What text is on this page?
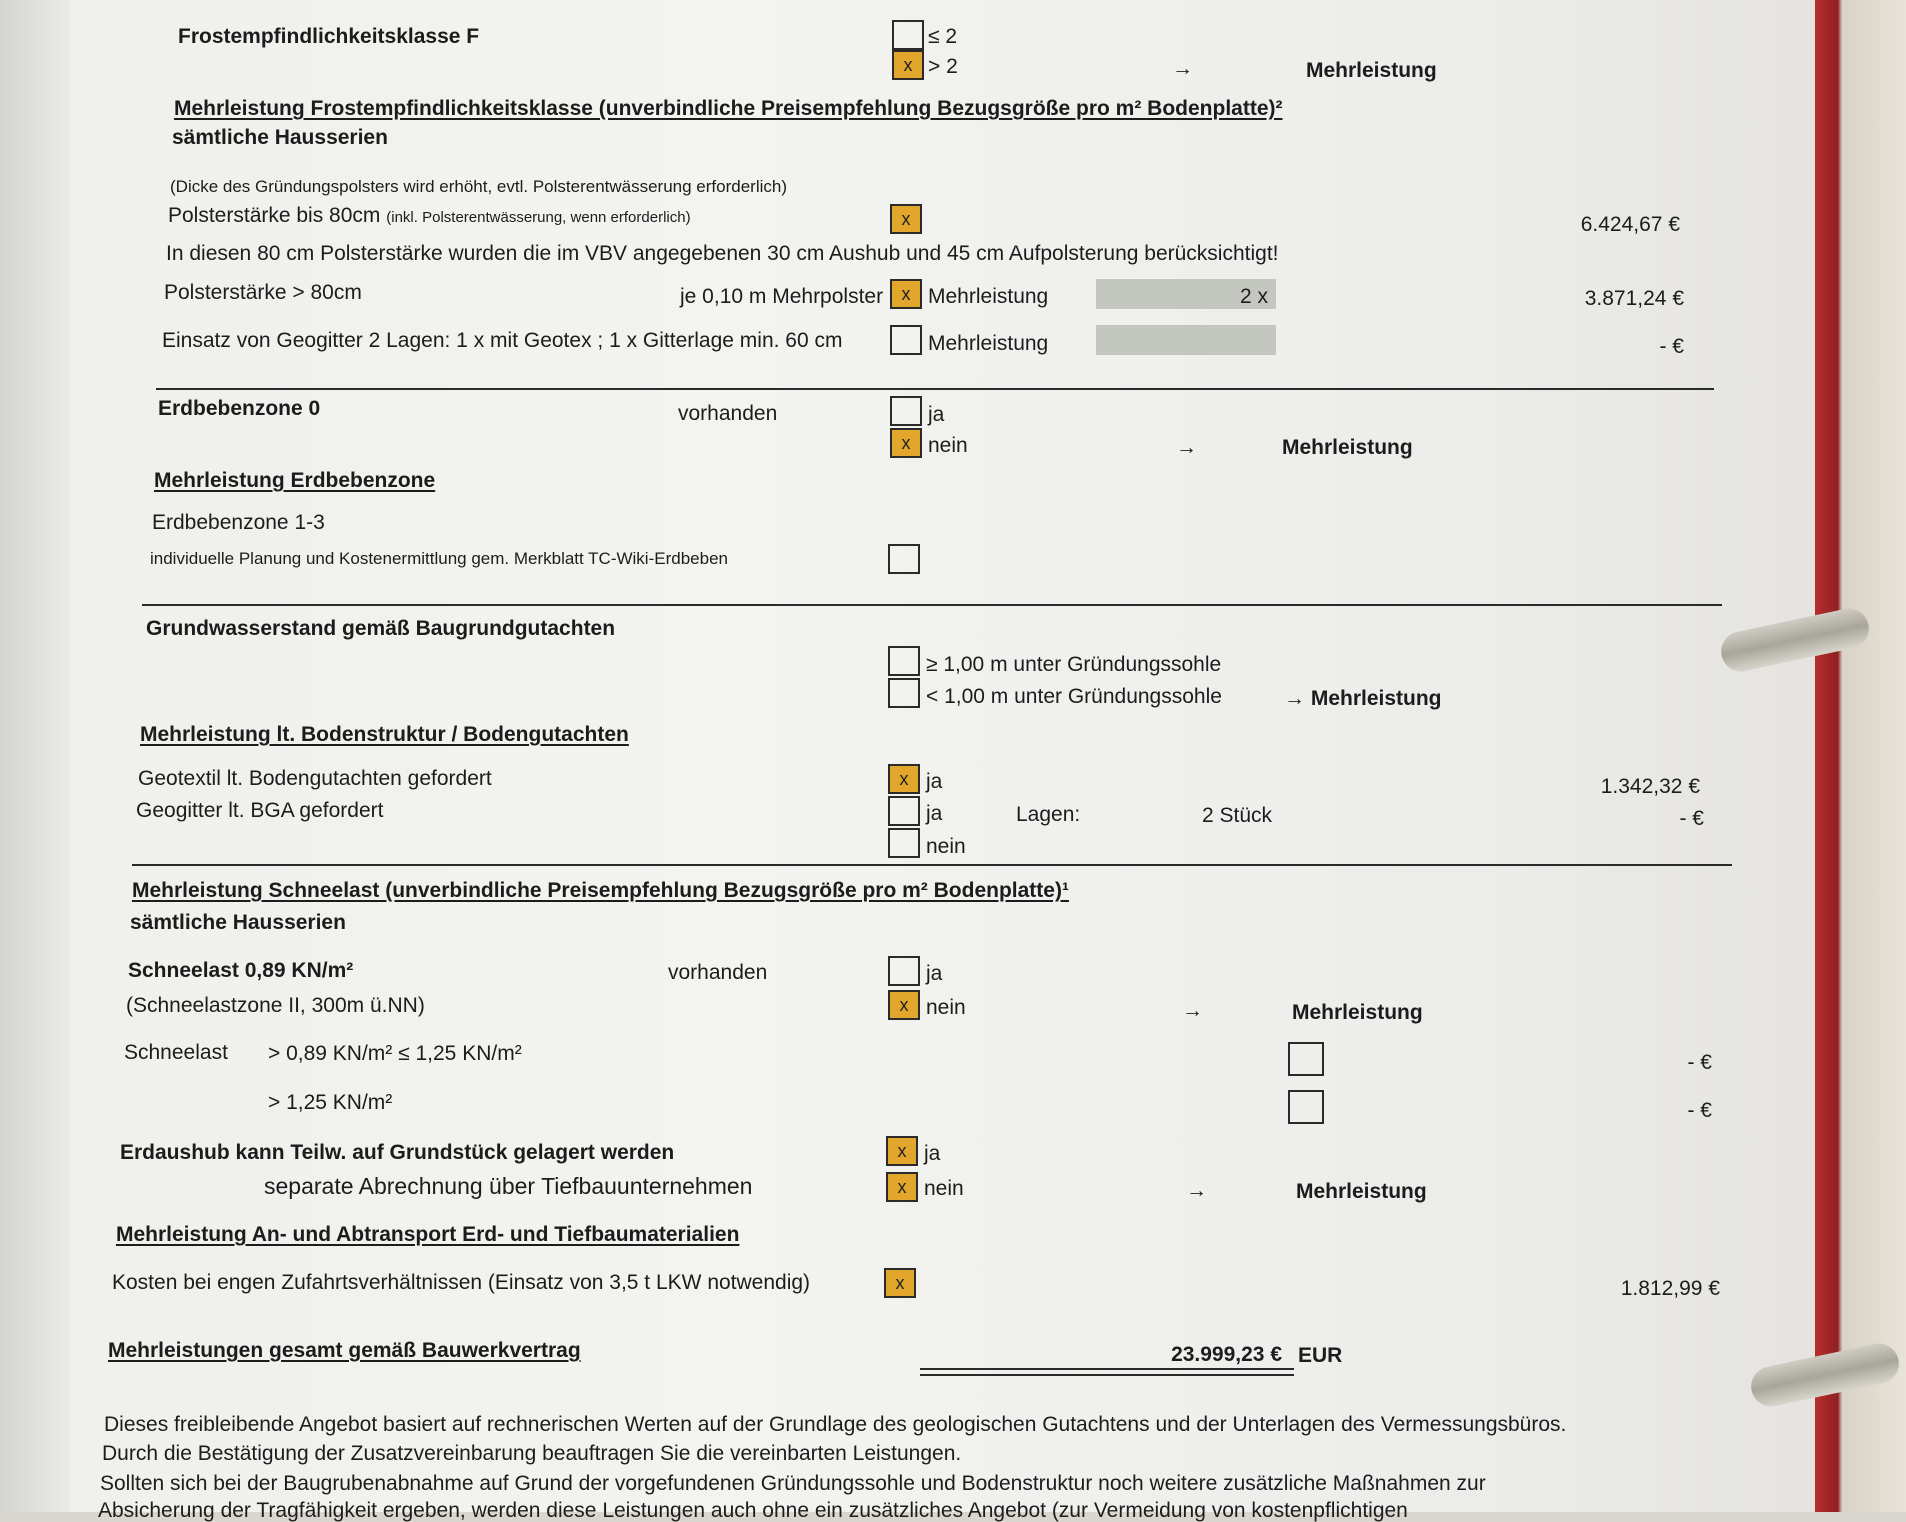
Frostempfindlichkeitsklasse F	≤ 2
x > 2	→	Mehrleistung
Mehrleistung Frostempfindlichkeitsklasse (unverbindliche Preisempfehlung Bezugsgröße pro m² Bodenplatte)²
sämtliche Hausserien
(Dicke des Gründungspolsters wird erhöht, evtl. Polsterentwässerung erforderlich)
Polsterstärke bis 80cm (inkl. Polsterentwässerung, wenn erforderlich)	x	6.424,67 €
In diesen 80 cm Polsterstärke wurden die im VBV angegebenen 30 cm Aushub und 45 cm Aufpolsterung berücksichtigt!
Polsterstärke > 80cm	je 0,10 m Mehrpolster	x Mehrleistung	2 x	3.871,24 €
Einsatz von Geogitter 2 Lagen: 1 x mit Geotex ; 1 x Gitterlage min. 60 cm	Mehrleistung	- €
Erdbebenzone 0	vorhanden	ja
x nein	→	Mehrleistung
Mehrleistung Erdbebenzone
Erdbebenzone 1-3
individuelle Planung und Kostenermittlung gem. Merkblatt TC-Wiki-Erdbeben
Grundwasserstand gemäß Baugrundgutachten
≥ 1,00 m unter Gründungssohle
< 1,00 m unter Gründungssohle	→ Mehrleistung
Mehrleistung lt. Bodenstruktur / Bodengutachten
Geotextil lt. Bodengutachten gefordert	x ja	1.342,32 €
Geogitter lt. BGA gefordert	ja	Lagen:	2 Stück	- €
nein
Mehrleistung Schneelast (unverbindliche Preisempfehlung Bezugsgröße pro m² Bodenplatte)¹
sämtliche Hausserien
Schneelast 0,89 KN/m²	vorhanden	ja
(Schneelastzone II, 300m ü.NN)	x nein	→	Mehrleistung
Schneelast > 0,89 KN/m² ≤ 1,25 KN/m²	- €
> 1,25 KN/m²	- €
Erdaushub kann Teilw. auf Grundstück gelagert werden	x ja
separate Abrechnung über Tiefbauunternehmen	x nein	→	Mehrleistung
Mehrleistung An- und Abtransport Erd- und Tiefbaumaterialien
Kosten bei engen Zufahrtsverhältnissen (Einsatz von 3,5 t LKW notwendig)	x	1.812,99 €
Mehrleistungen gesamt gemäß Bauwerkvertrag	23.999,23 € EUR
Dieses freibleibende Angebot basiert auf rechnerischen Werten auf der Grundlage des geologischen Gutachtens und der Unterlagen des Vermessungsbüros.
Durch die Bestätigung der Zusatzvereinbarung beauftragen Sie die vereinbarten Leistungen.
Sollten sich bei der Baugrubenabnahme auf Grund der vorgefundenen Gründungssohle und Bodenstruktur noch weitere zusätzliche Maßnahmen zur
Absicherung der Tragfähigkeit ergeben, werden diese Leistungen auch ohne ein zusätzliches Angebot (zur Vermeidung von kostenpflichtigen
